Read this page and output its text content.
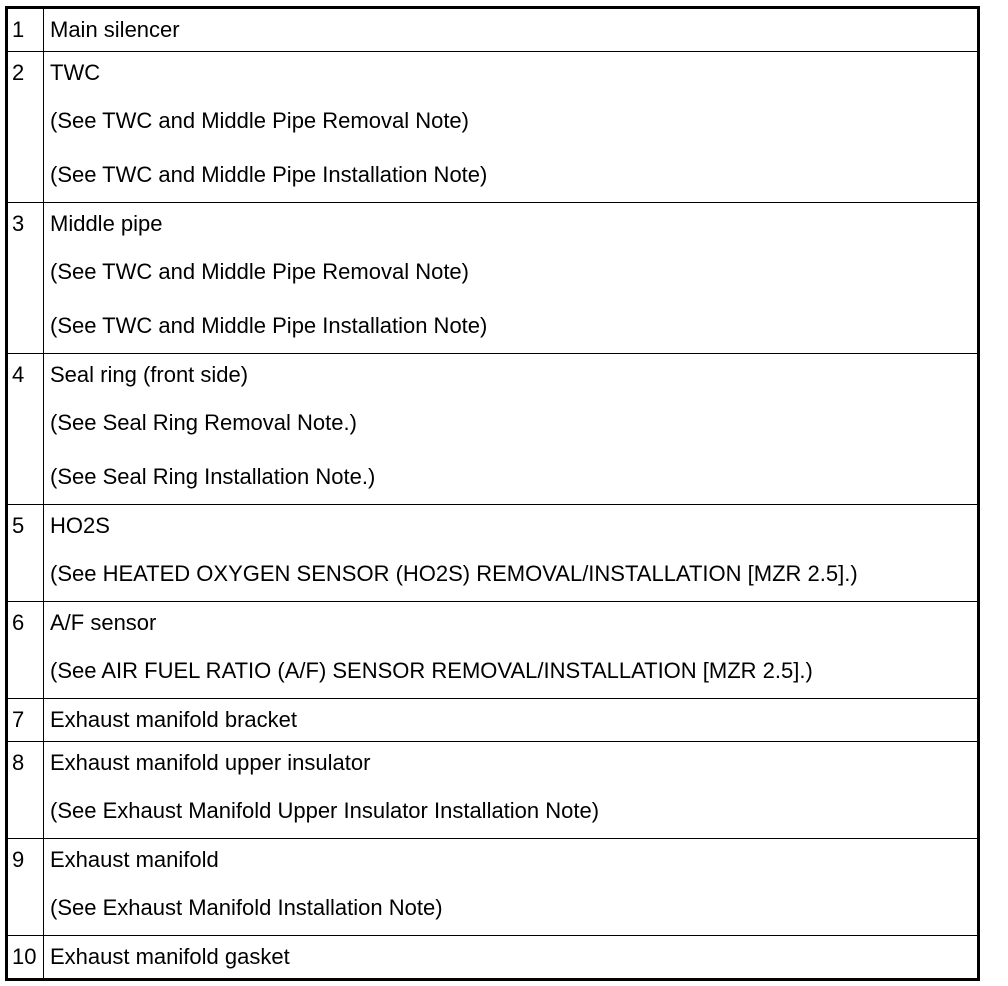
1	Main silencer

2	TWC
(See TWC and Middle Pipe Removal Note)
(See TWC and Middle Pipe Installation Note)

3	Middle pipe
(See TWC and Middle Pipe Removal Note)
(See TWC and Middle Pipe Installation Note)

4	Seal ring (front side)
(See Seal Ring Removal Note.)
(See Seal Ring Installation Note.)

5	HO2S
(See HEATED OXYGEN SENSOR (HO2S) REMOVAL/INSTALLATION [MZR 2.5].)

6	A/F sensor
(See AIR FUEL RATIO (A/F) SENSOR REMOVAL/INSTALLATION [MZR 2.5].)

7	Exhaust manifold bracket

8	Exhaust manifold upper insulator
(See Exhaust Manifold Upper Insulator Installation Note)

9	Exhaust manifold
(See Exhaust Manifold Installation Note)

10	Exhaust manifold gasket
